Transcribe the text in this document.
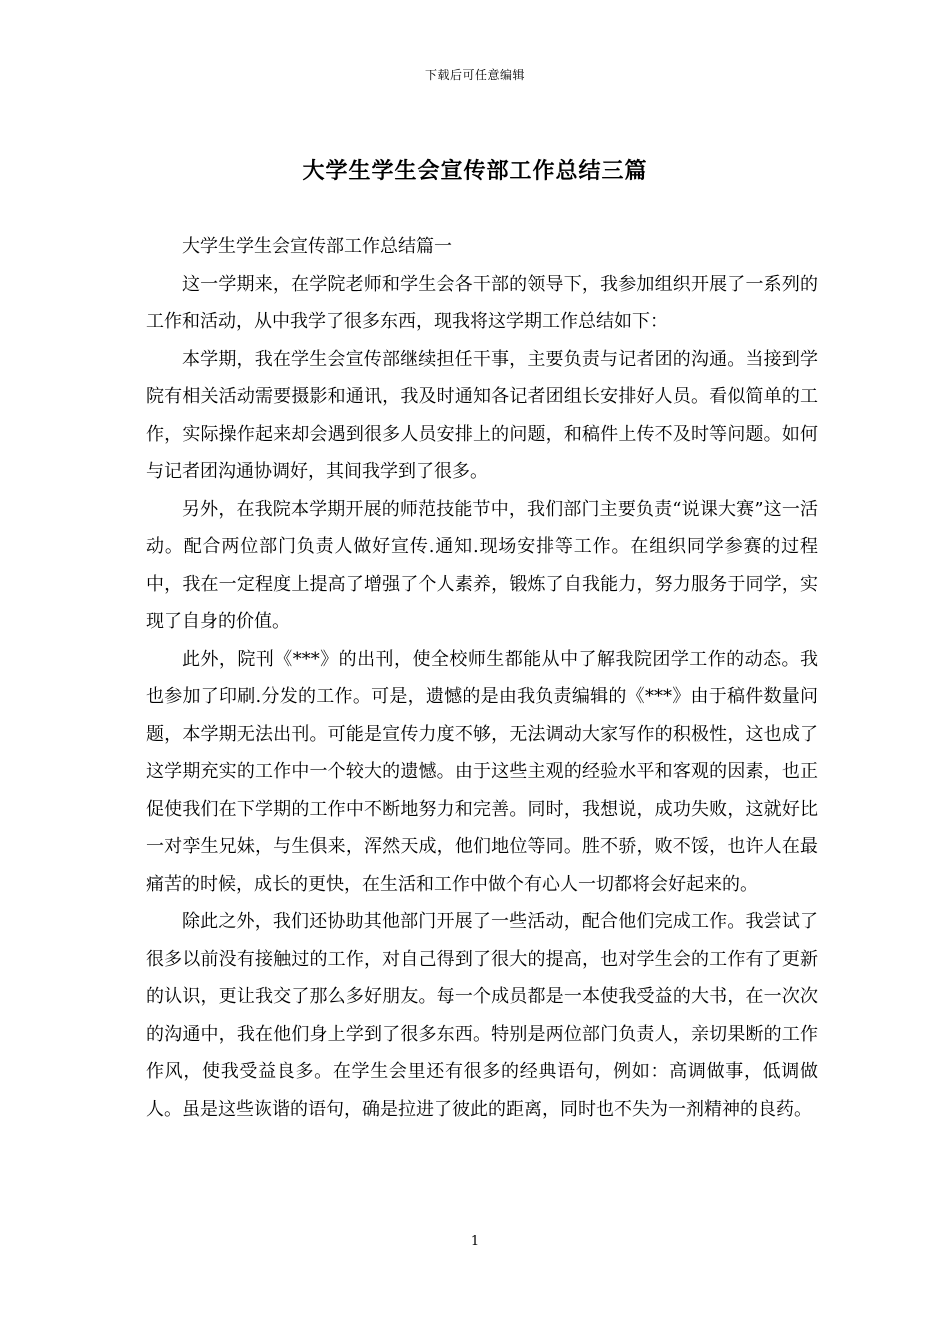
下载后可任意编辑
大学生学生会宣传部工作总结三篇

大学生学生会宣传部工作总结篇一

这一学期来，在学院老师和学生会各干部的领导下，我参加组织开展了一系列的工作和活动，从中我学了很多东西，现我将这学期工作总结如下：

本学期，我在学生会宣传部继续担任干事，主要负责与记者团的沟通。当接到学院有相关活动需要摄影和通讯，我及时通知各记者团组长安排好人员。看似简单的工作，实际操作起来却会遇到很多人员安排上的问题，和稿件上传不及时等问题。如何与记者团沟通协调好，其间我学到了很多。

另外，在我院本学期开展的师范技能节中，我们部门主要负责“说课大赛”这一活动。配合两位部门负责人做好宣传.通知.现场安排等工作。在组织同学参赛的过程中，我在一定程度上提高了增强了个人素养，锻炼了自我能力，努力服务于同学，实现了自身的价值。

此外，院刊《***》的出刊，使全校师生都能从中了解我院团学工作的动态。我也参加了印刷.分发的工作。可是，遗憾的是由我负责编辑的《***》由于稿件数量问题，本学期无法出刊。可能是宣传力度不够，无法调动大家写作的积极性，这也成了这学期充实的工作中一个较大的遗憾。由于这些主观的经验水平和客观的因素，也正促使我们在下学期的工作中不断地努力和完善。同时，我想说，成功失败，这就好比一对孪生兄妹，与生俱来，浑然天成，他们地位等同。胜不骄，败不馁，也许人在最痛苦的时候，成长的更快，在生活和工作中做个有心人一切都将会好起来的。

除此之外，我们还协助其他部门开展了一些活动，配合他们完成工作。我尝试了很多以前没有接触过的工作，对自己得到了很大的提高，也对学生会的工作有了更新的认识，更让我交了那么多好朋友。每一个成员都是一本使我受益的大书，在一次次的沟通中，我在他们身上学到了很多东西。特别是两位部门负责人，亲切果断的工作作风，使我受益良多。在学生会里还有很多的经典语句，例如：高调做事，低调做人。虽是这些诙谐的语句，确是拉进了彼此的距离，同时也不失为一剂精神的良药。

1
